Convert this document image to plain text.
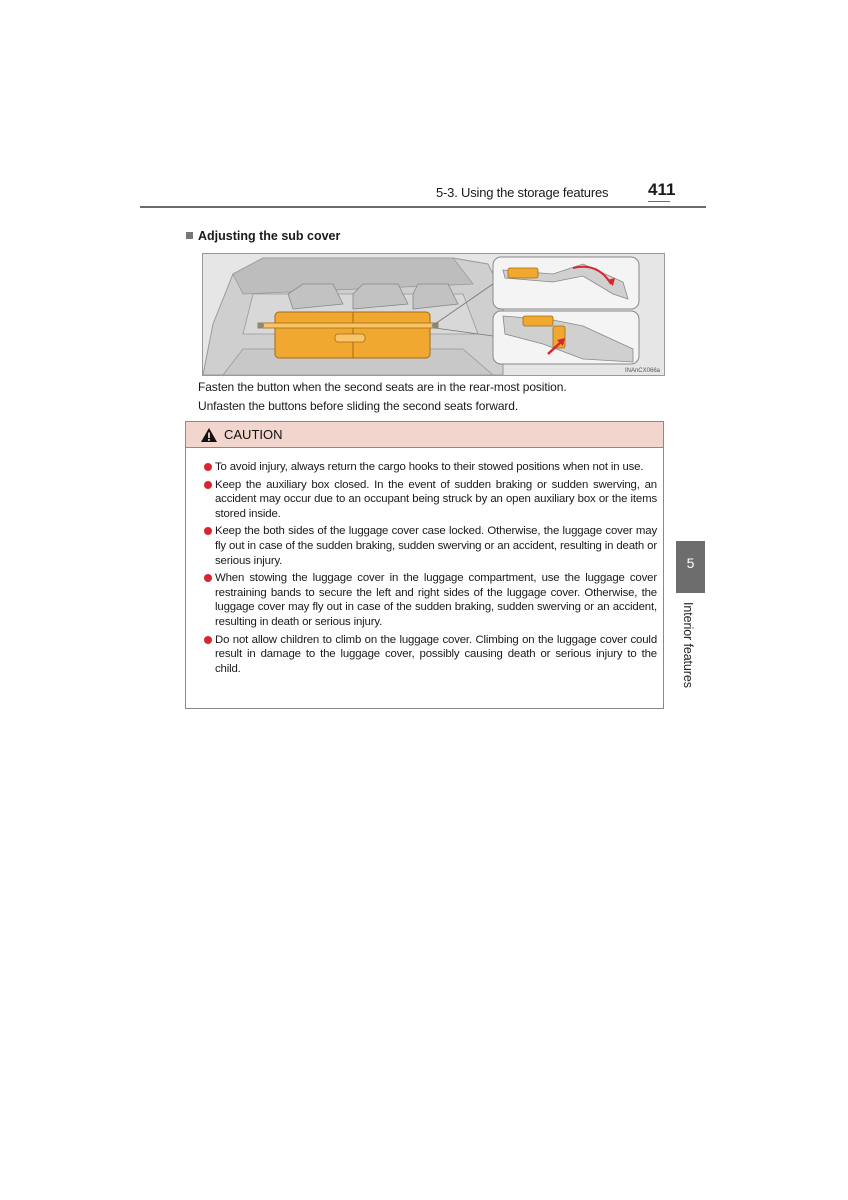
5-3. Using the storage features 411
Adjusting the sub cover
INAnCX066a
Fasten the button when the second seats are in the rear-most position.
Unfasten the buttons before sliding the second seats forward.
CAUTION
To avoid injury, always return the cargo hooks to their stowed positions when not in use.
Keep the auxiliary box closed. In the event of sudden braking or sudden swerving, an accident may occur due to an occupant being struck by an open auxiliary box or the items stored inside.
Keep the both sides of the luggage cover case locked. Otherwise, the luggage cover may fly out in case of the sudden braking, sudden swerving or an accident, resulting in death or serious injury.
When stowing the luggage cover in the luggage compartment, use the luggage cover restraining bands to secure the left and right sides of the luggage cover. Otherwise, the luggage cover may fly out in case of the sudden braking, sudden swerving or an accident, resulting in death or serious injury.
Do not allow children to climb on the luggage cover. Climbing on the luggage cover could result in damage to the luggage cover, possibly causing death or serious injury to the child.
5
Interior features
